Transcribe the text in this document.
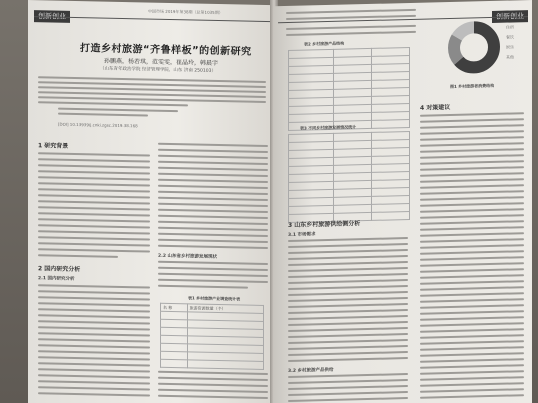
创新创业
中国市场 2019年第38期（总第1035期）
打造乡村旅游“齐鲁样板”的创新研究
孙鹏燕，杨若琪，范雯雯，崔晶玲，韩晨宇
（山东青年政治学院 经济管理学院，山东 济南 250103）
[DOI] 10.13939/j.cnki.zgsc.2019.38.168
1 研究背景
2 国内研究分析
2.1 国内研究分析
2.2 山东省乡村旅游发展现状
表1 乡村旅游产业调查统计表
名 称	旅游资源数量（个）

创新创业
表2 乡村旅游产品结构

表3 不同乡村旅游发展情况统计

3 山东乡村旅游供给侧分析
3.1 市场需求
3.2 乡村旅游产品供给
住宿
餐饮
娱乐
其他
图1 乡村旅游者消费结构
4 对策建议
